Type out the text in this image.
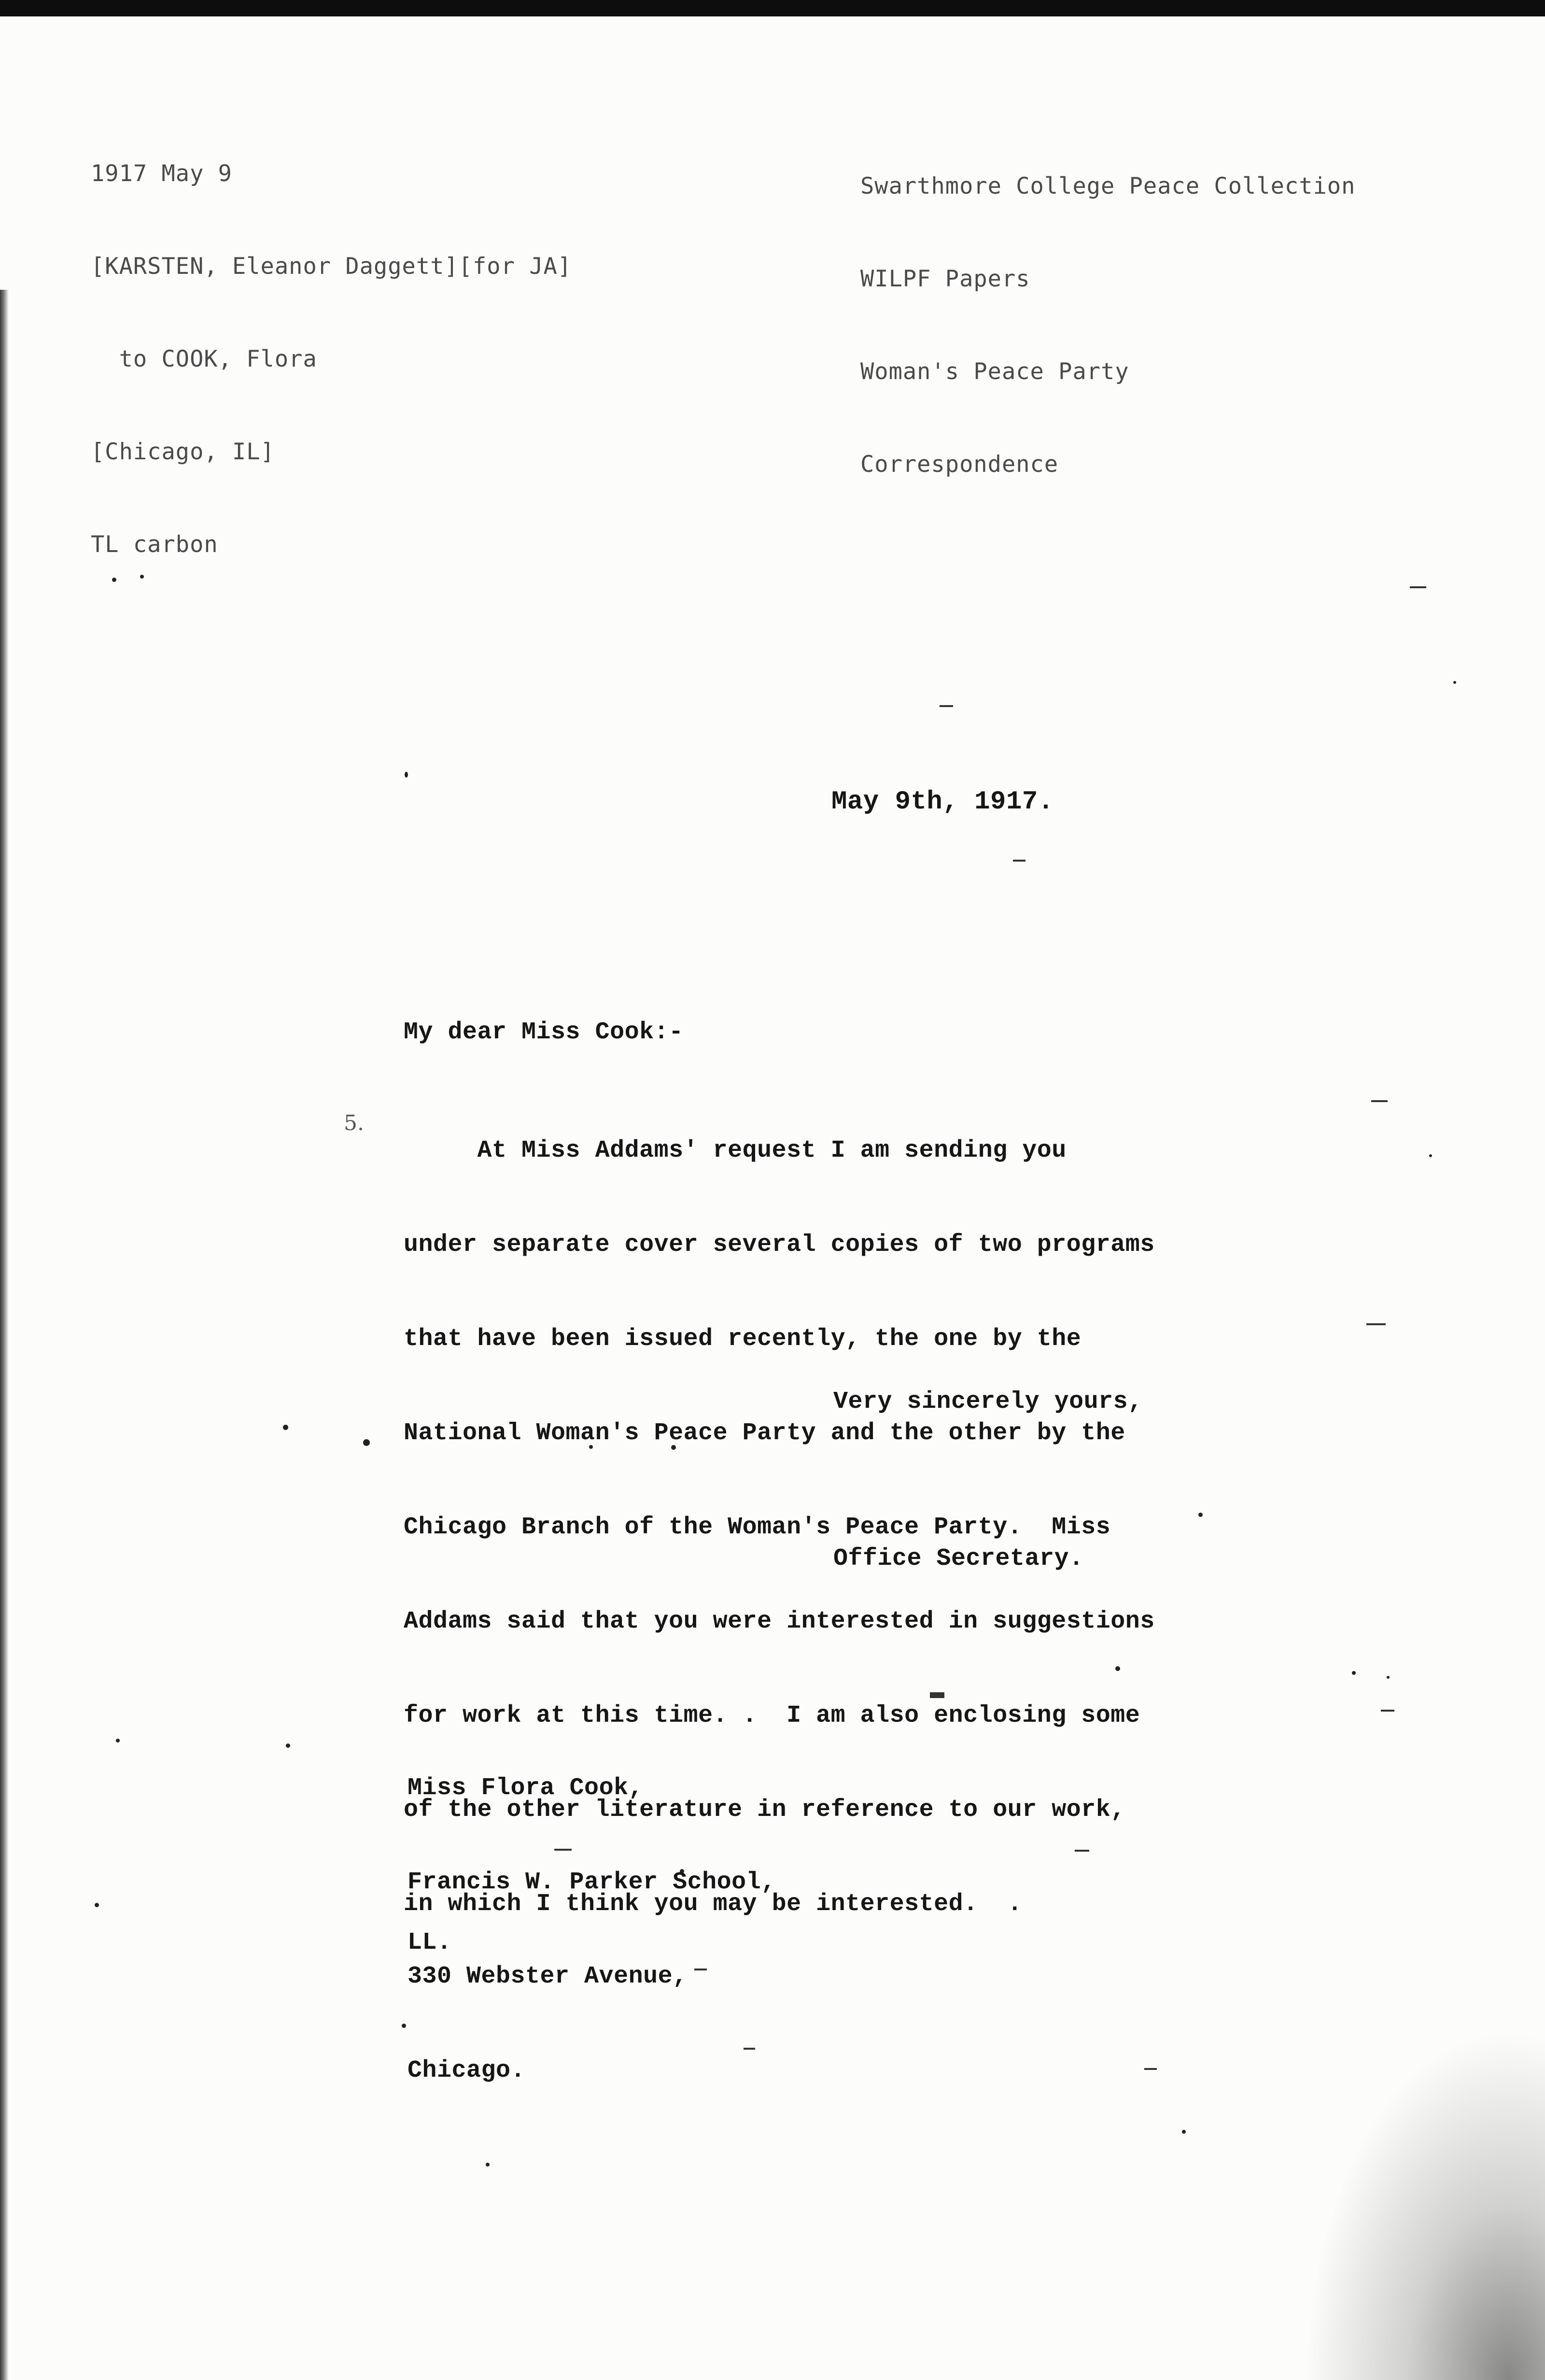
1917 May 9

[KARSTEN, Eleanor Daggett][for JA]

to COOK, Flora

[Chicago, IL]

TL carbon

Swarthmore College Peace Collection

WILPF Papers

Woman's Peace Party

Correspondence

May 9th, 1917.
My dear Miss Cook:-
5.

At Miss Addams' request I am sending you

under separate cover several copies of two programs

that have been issued recently, the one by the

National Woman's Peace Party and the other by the

Chicago Branch of the Woman's Peace Party.  Miss

Addams said that you were interested in suggestions

for work at this time. .  I am also enclosing some

of the other literature in reference to our work,

in which I think you may be interested.  .

Very sincerely yours,
Office Secretary.

Miss Flora Cook,

Francis W. Parker School,

330 Webster Avenue,

Chicago.

LL.
